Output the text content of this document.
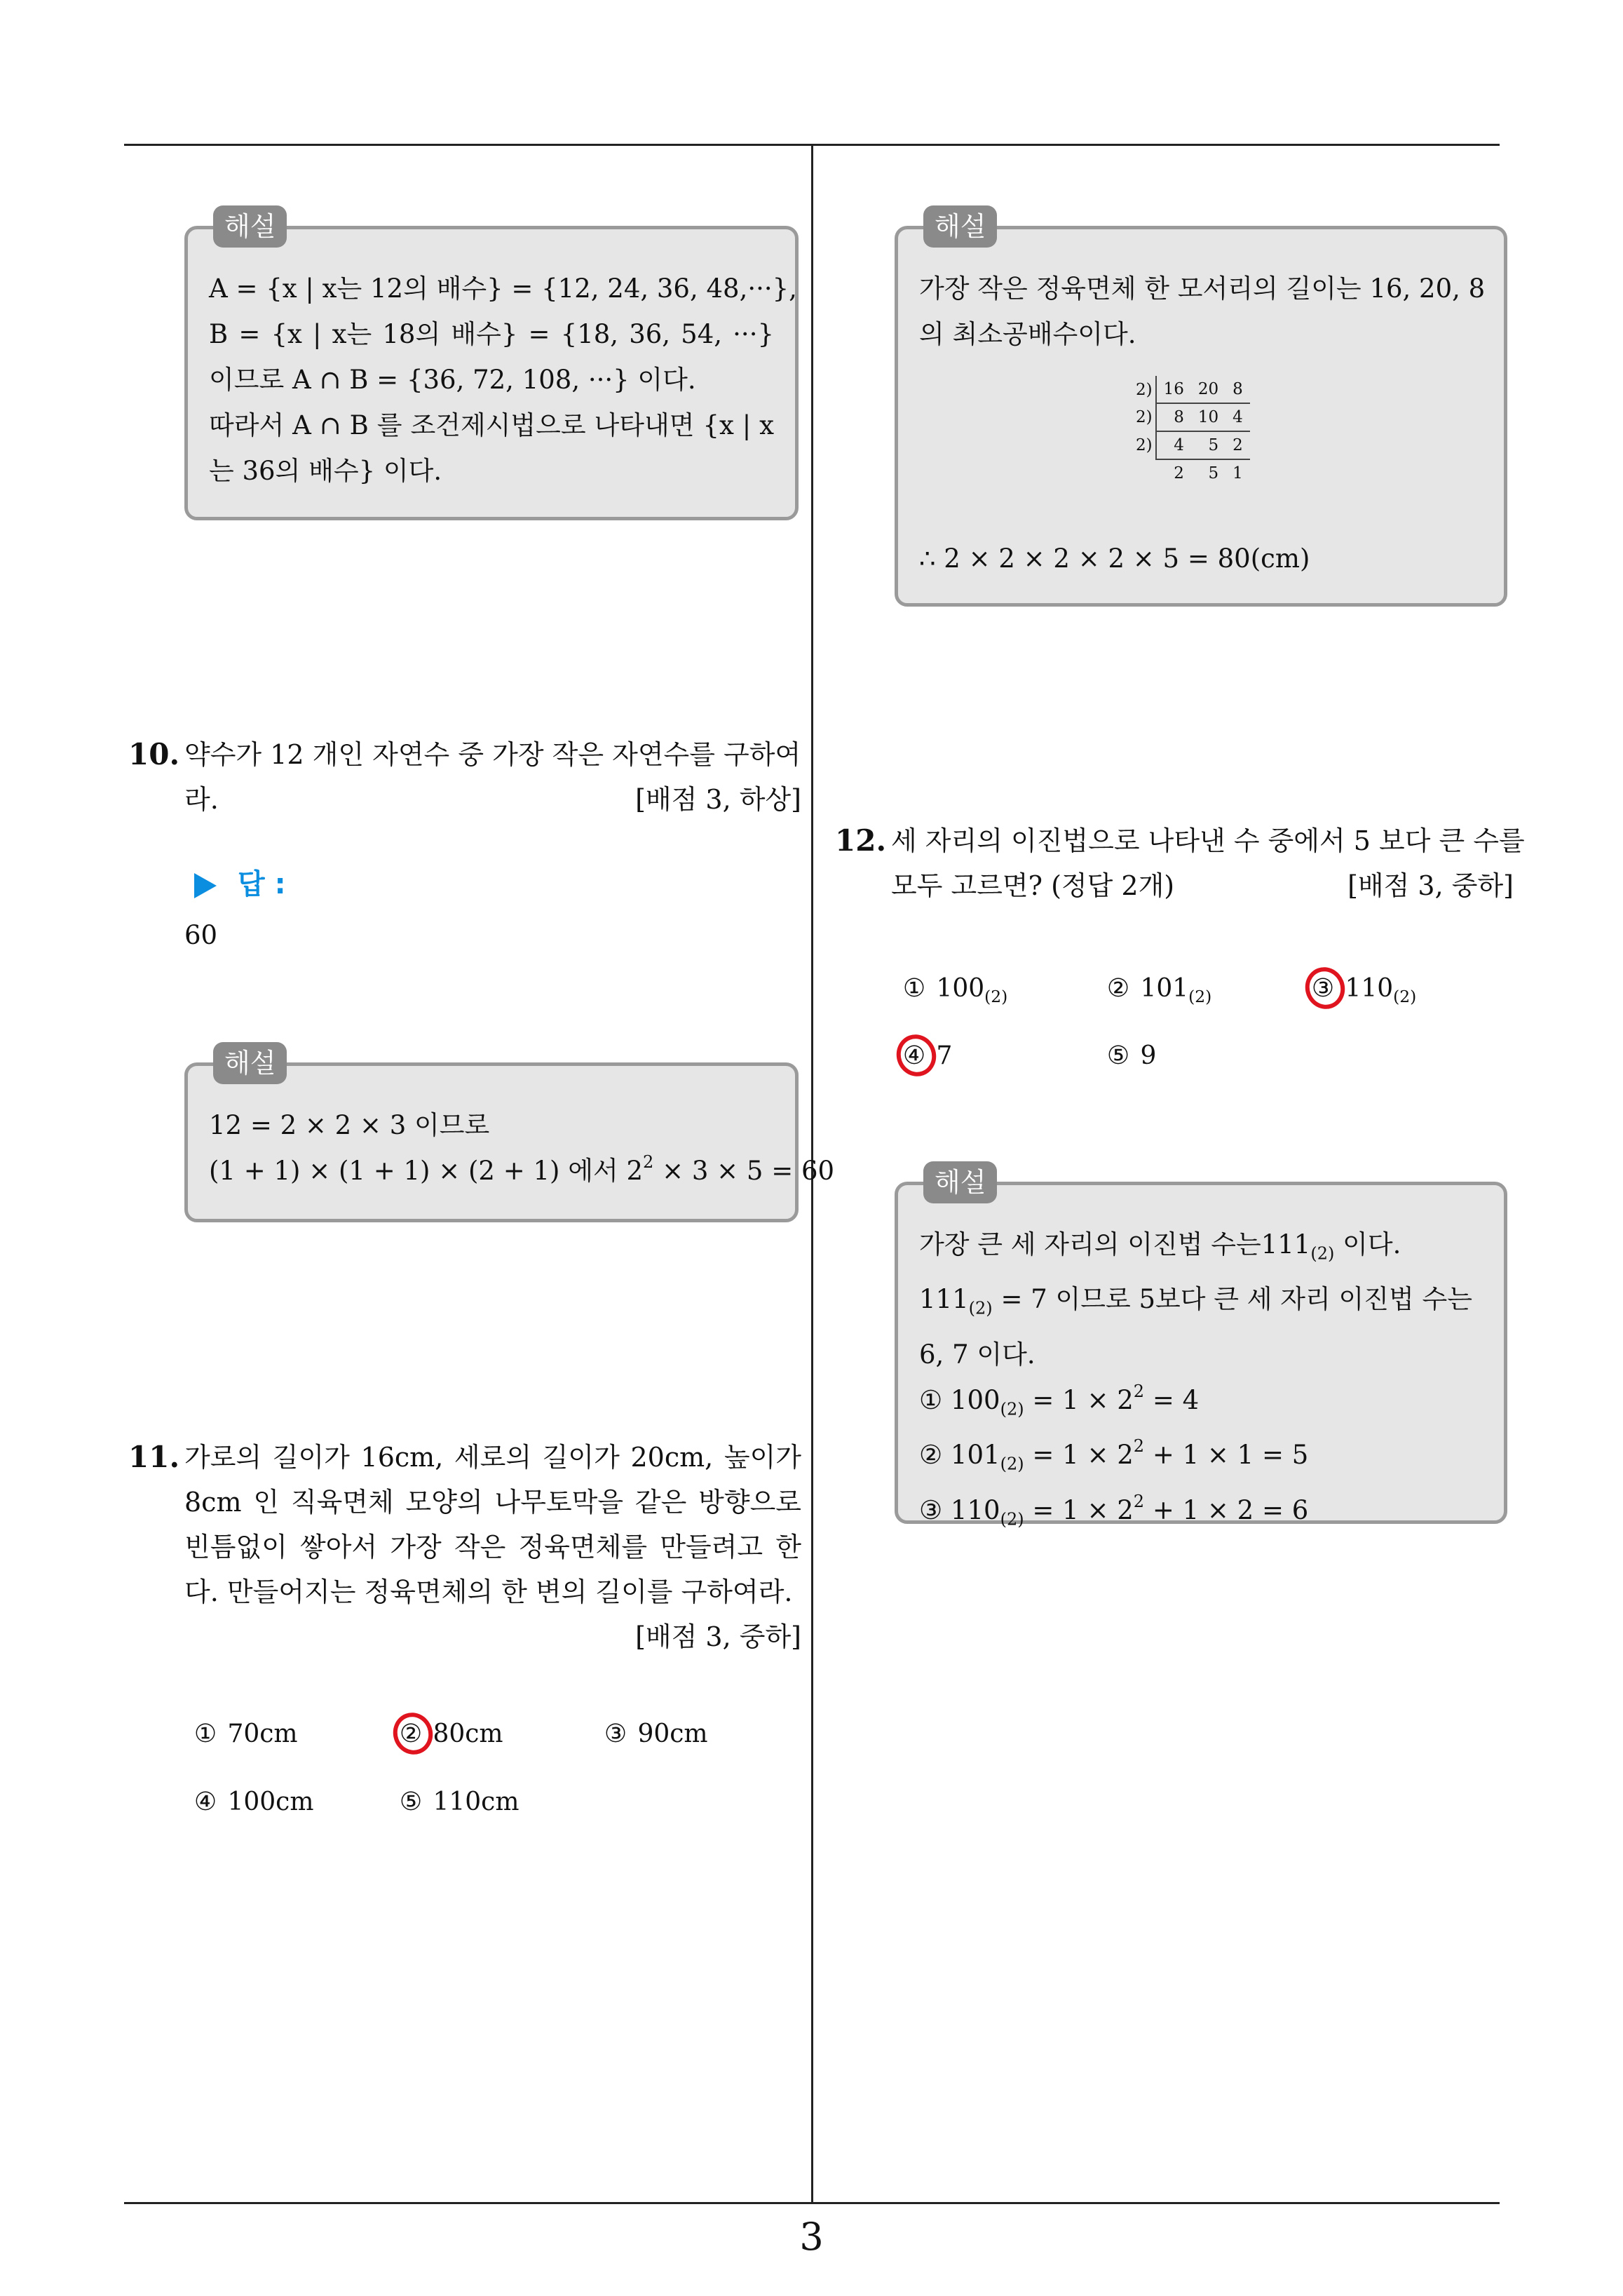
해설
A = {x | x는 12의 배수} = {12, 24, 36, 48,···},
B = {x | x는 18의 배수} = {18, 36, 54, ···}
이므로 A ∩ B = {36, 72, 108, ···} 이다.
따라서 A ∩ B 를 조건제시법으로 나타내면 {x | x
는 36의 배수} 이다.
10. 약수가 12 개인 자연수 중 가장 작은 자연수를 구하여
라.	[배점 3, 하상]
답 :
60
해설
12 = 2 × 2 × 3 이므로
(1 + 1) × (1 + 1) × (2 + 1) 에서 $2^2 \times 3 \times 5 = 60$
11. 가로의 길이가 16cm, 세로의 길이가 20cm, 높이가
8cm 인 직육면체 모양의 나무토막을 같은 방향으로
빈틈없이 쌓아서 가장 작은 정육면체를 만들려고 한
다. 만들어지는 정육면체의 한 변의 길이를 구하여라.
[배점 3, 중하]
① 70cm	② 80cm	③ 90cm
④ 100cm	⑤ 110cm
해설
가장 작은 정육면체 한 모서리의 길이는 16, 20, 8
의 최소공배수이다.
∴ 2 × 2 × 2 × 2 × 5 = 80(cm)
2)	16	20	8
2)	8	10	4
2)	4	5	2
	2	5	1
12. 세 자리의 이진법으로 나타낸 수 중에서 5 보다 큰 수를
모두 고르면? (정답 2개)	[배점 3, 중하]
① $100_{(2)}$	② $101_{(2)}$	③ $110_{(2)}$
④ 7	⑤ 9
해설
가장 큰 세 자리의 이진법 수는$111_{(2)}$ 이다.
$111_{(2)} = 7$ 이므로 5보다 큰 세 자리 이진법 수는
6, 7 이다.
① $100_{(2)} = 1 \times 2^2 = 4$
② $101_{(2)} = 1 \times 2^2 + 1 \times 1 = 5$
③ $110_{(2)} = 1 \times 2^2 + 1 \times 2 = 6$
3
